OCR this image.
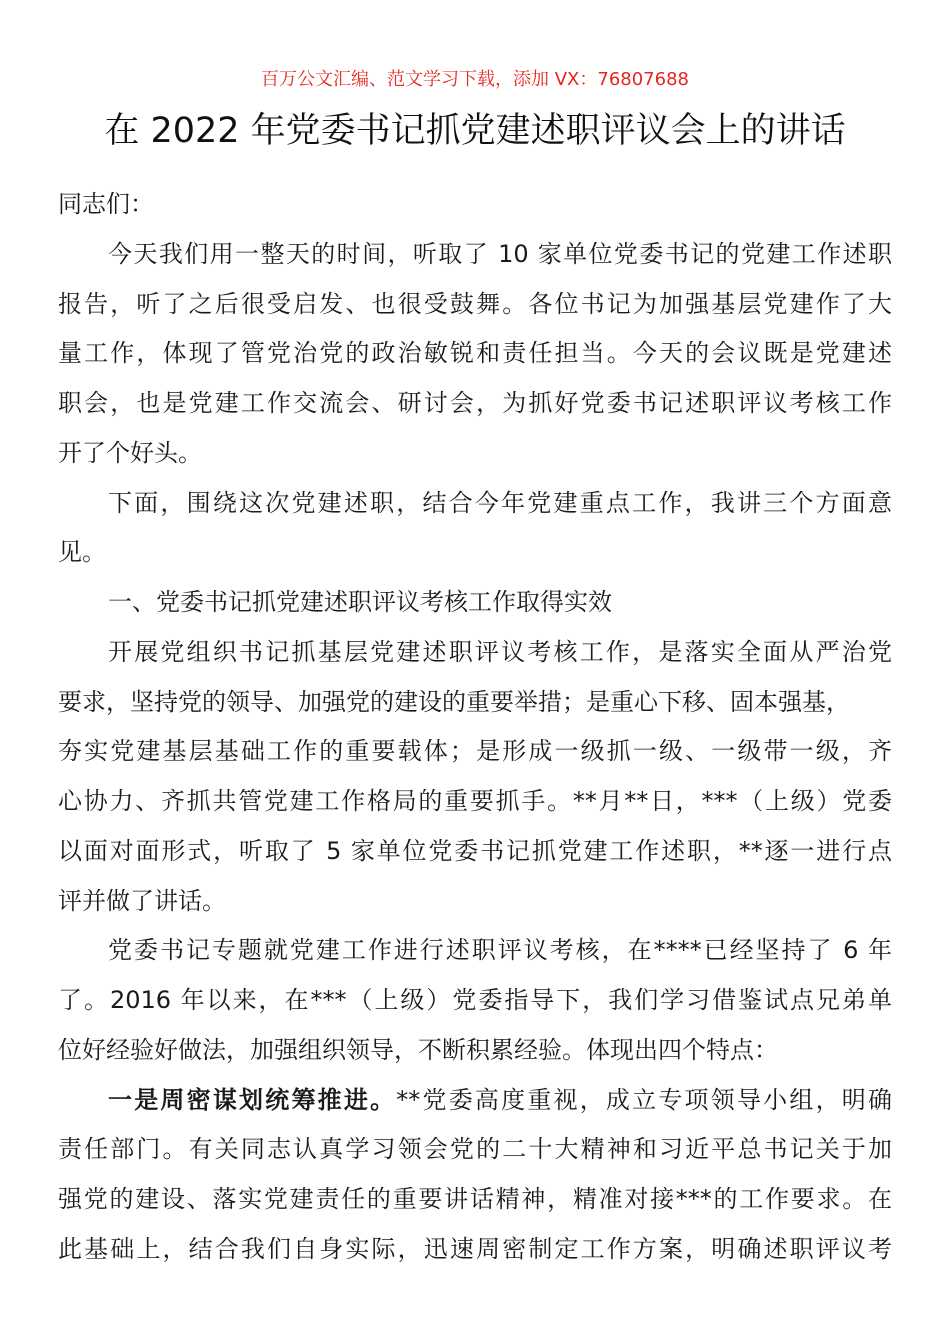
百万公文汇编、范文学习下载，添加 VX：76807688
在 2022 年党委书记抓党建述职评议会上的讲话
同志们：
今天我们用一整天的时间，听取了 10 家单位党委书记的党建工作述职
报告，听了之后很受启发、也很受鼓舞。各位书记为加强基层党建作了大
量工作，体现了管党治党的政治敏锐和责任担当。今天的会议既是党建述
职会，也是党建工作交流会、研讨会，为抓好党委书记述职评议考核工作
开了个好头。
下面，围绕这次党建述职，结合今年党建重点工作，我讲三个方面意
见。
一、党委书记抓党建述职评议考核工作取得实效
开展党组织书记抓基层党建述职评议考核工作，是落实全面从严治党
要求，坚持党的领导、加强党的建设的重要举措；是重心下移、固本强基，
夯实党建基层基础工作的重要载体；是形成一级抓一级、一级带一级，齐
心协力、齐抓共管党建工作格局的重要抓手。**月**日，***（上级）党委
以面对面形式，听取了 5 家单位党委书记抓党建工作述职，**逐一进行点
评并做了讲话。
党委书记专题就党建工作进行述职评议考核，在****已经坚持了 6 年
了。2016 年以来，在***（上级）党委指导下，我们学习借鉴试点兄弟单
位好经验好做法，加强组织领导，不断积累经验。体现出四个特点：
一是周密谋划统筹推进。**党委高度重视，成立专项领导小组，明确
责任部门。有关同志认真学习领会党的二十大精神和习近平总书记关于加
强党的建设、落实党建责任的重要讲话精神，精准对接***的工作要求。在
此基础上，结合我们自身实际，迅速周密制定工作方案，明确述职评议考
